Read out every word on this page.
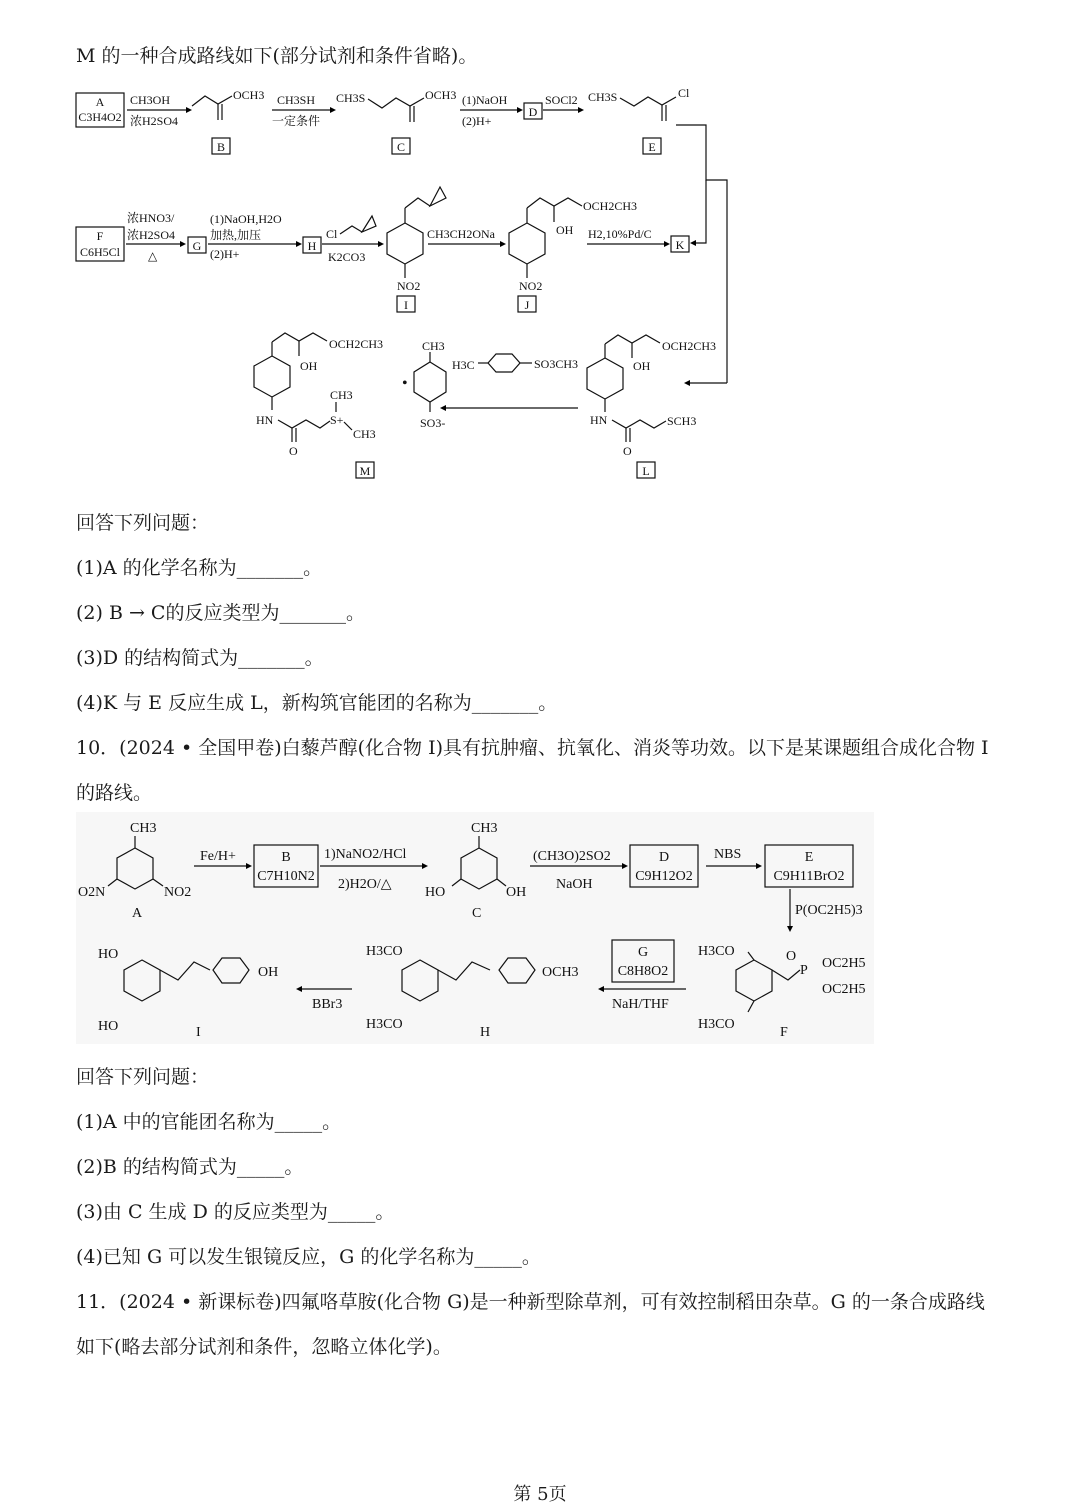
M 的一种合成路线如下(部分试剂和条件省略)。
A
C3H4O2
CH3OH
浓H2SO4
OCH3
B
CH3SH
一定条件
CH3S	OCH3
C
(1)NaOH
(2)H+
D
SOCl2 CH3S	Cl
E
F
C6H5Cl
浓HNO3/
浓H2SO4
△
G
(1)NaOH,H2O
加热,加压
(2)H+
H
Cl
K2CO3
NO2
I
CH3CH2ONa
OCH2CH3
OH
NO2
J
H2,10%Pd/C
K
OCH2CH3
OH
HN
O
SCH3
L
H3C	SO3CH3
OCH2CH3
OH
HN
O
S+
CH3
CH3
•
CH3
SO3-
M
回答下列问题：
(1)A 的化学名称为_______。
(2) B → C的反应类型为_______。
(3)D 的结构简式为_______。
(4)K 与 E 反应生成 L，新构筑官能团的名称为_______。
10．(2024 • 全国甲卷)白藜芦醇(化合物 I)具有抗肿瘤、抗氧化、消炎等功效。以下是某课题组合成化合物 I
的路线。
CH3
O2N	NO2
A
Fe/H+	B
C7H10N2
1)NaNO2/HCl
2)H2O/△
CH3
HO	OH
C
(CH3O)2SO2
NaOH
D
C9H12O2
NBS	E
C9H11BrO2
P(OC2H5)3
H3CO
H3CO
P
O OC2H5
OC2H5
F
G
C8H8O2
NaH/THF
H3CO
H3CO
OCH3
H
BBr3
HO
HO
OH
I
回答下列问题：
(1)A 中的官能团名称为_____。
(2)B 的结构简式为_____。
(3)由 C 生成 D 的反应类型为_____。
(4)已知 G 可以发生银镜反应，G 的化学名称为_____。
11．(2024 • 新课标卷)四氟咯草胺(化合物 G)是一种新型除草剂，可有效控制稻田杂草。G 的一条合成路线
如下(略去部分试剂和条件，忽略立体化学)。
第 5页
